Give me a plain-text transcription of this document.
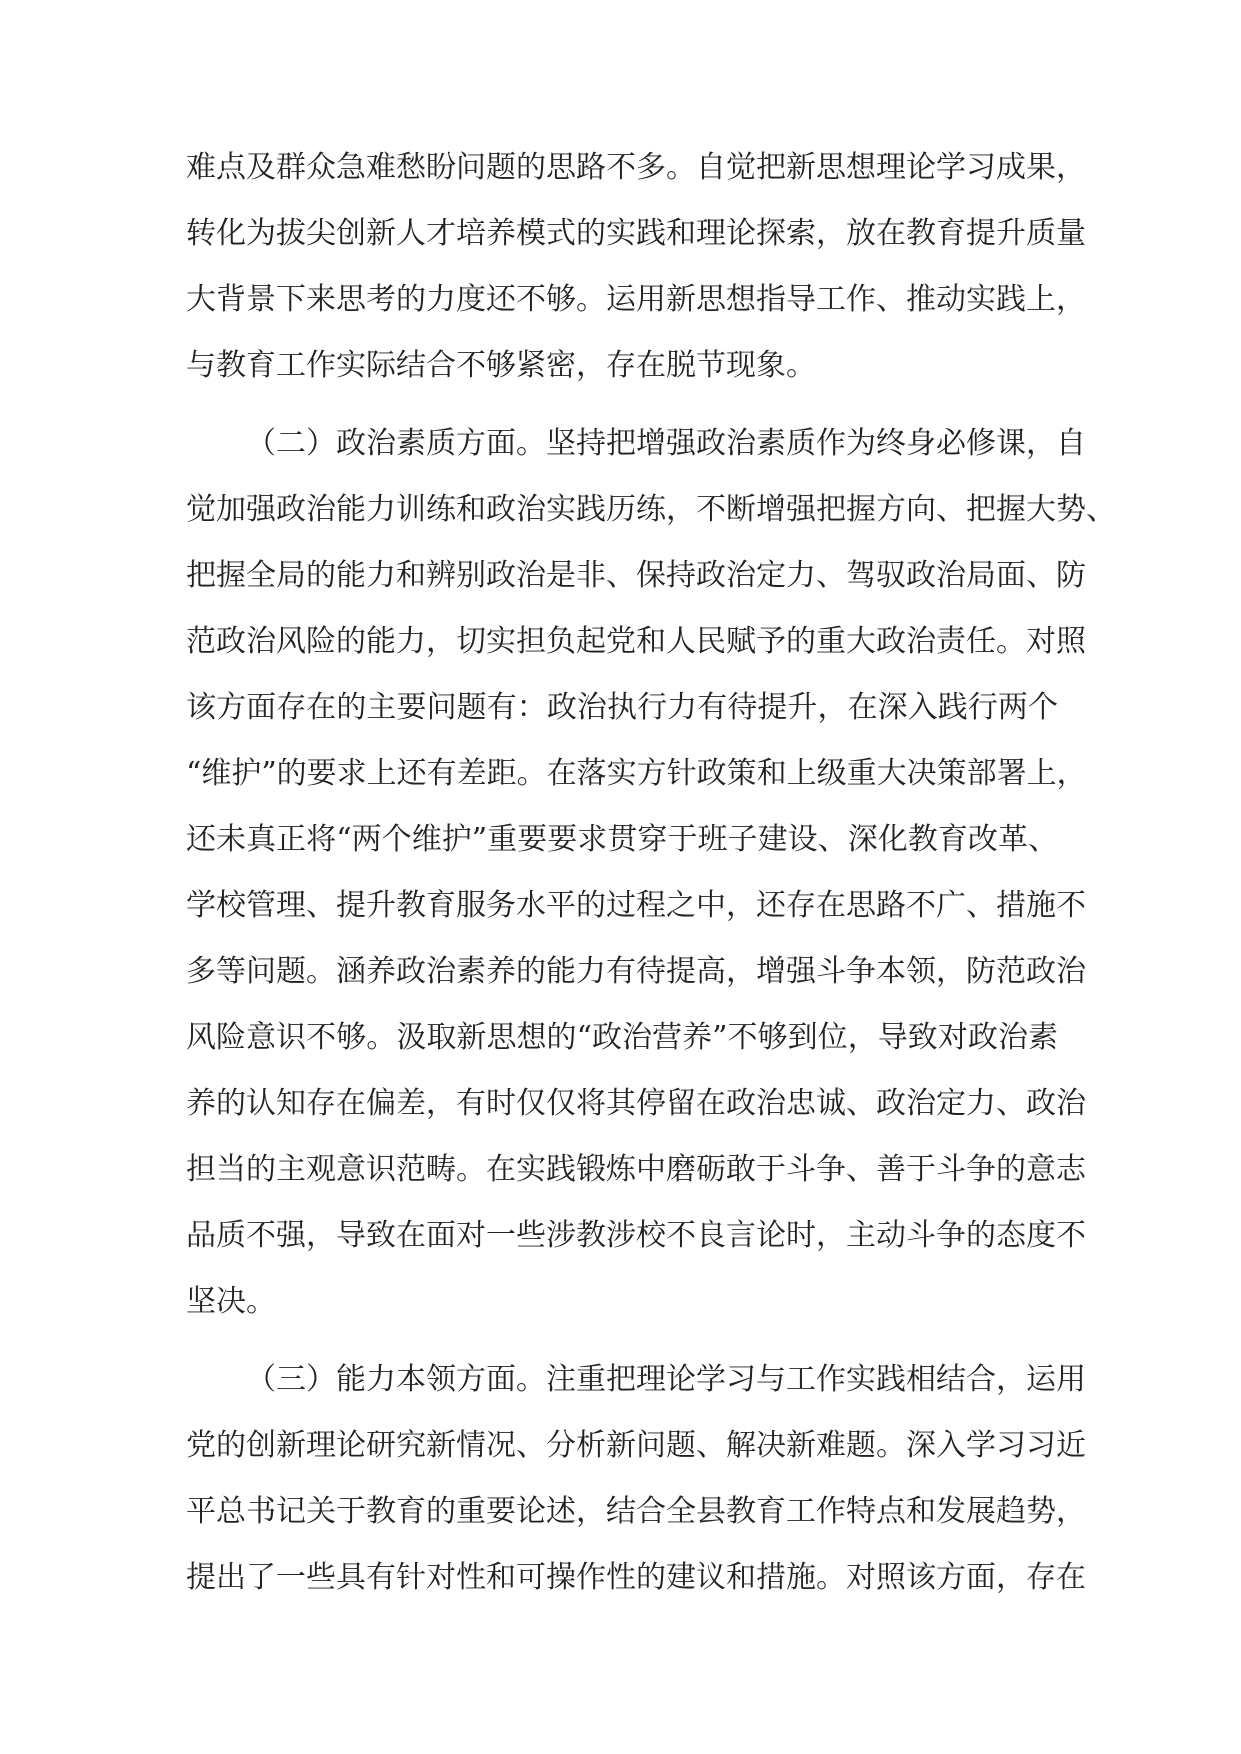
难点及群众急难愁盼问题的思路不多。自觉把新思想理论学习成果，
转化为拔尖创新人才培养模式的实践和理论探索，放在教育提升质量
大背景下来思考的力度还不够。运用新思想指导工作、推动实践上，
与教育工作实际结合不够紧密，存在脱节现象。
（二）政治素质方面。坚持把增强政治素质作为终身必修课，自
觉加强政治能力训练和政治实践历练，不断增强把握方向、把握大势、
把握全局的能力和辨别政治是非、保持政治定力、驾驭政治局面、防
范政治风险的能力，切实担负起党和人民赋予的重大政治责任。对照
该方面存在的主要问题有：政治执行力有待提升，在深入践行两个
“维护”的要求上还有差距。在落实方针政策和上级重大决策部署上，
还未真正将“两个维护”重要要求贯穿于班子建设、深化教育改革、
学校管理、提升教育服务水平的过程之中，还存在思路不广、措施不
多等问题。涵养政治素养的能力有待提高，增强斗争本领，防范政治
风险意识不够。汲取新思想的“政治营养”不够到位，导致对政治素
养的认知存在偏差，有时仅仅将其停留在政治忠诚、政治定力、政治
担当的主观意识范畴。在实践锻炼中磨砺敢于斗争、善于斗争的意志
品质不强，导致在面对一些涉教涉校不良言论时，主动斗争的态度不
坚决。
（三）能力本领方面。注重把理论学习与工作实践相结合，运用
党的创新理论研究新情况、分析新问题、解决新难题。深入学习习近
平总书记关于教育的重要论述，结合全县教育工作特点和发展趋势，
提出了一些具有针对性和可操作性的建议和措施。对照该方面，存在
